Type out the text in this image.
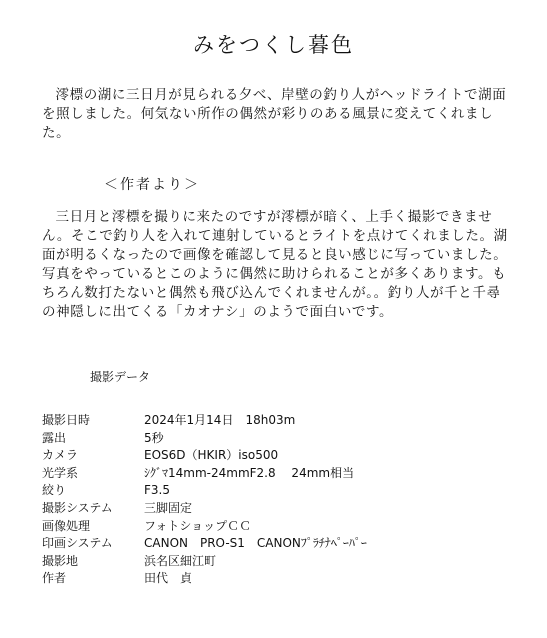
みをつくし暮色

澪標の湖に三日月が見られる夕べ、岸壁の釣り人がヘッドライトで湖面を照しました。何気ない所作の偶然が彩りのある風景に変えてくれました。

＜作者より＞

三日月と澪標を撮りに来たのですが澪標が暗く、上手く撮影できません。そこで釣り人を入れて連射しているとライトを点けてくれました。湖面が明るくなったので画像を確認して見ると良い感じに写っていました。写真をやっているとこのように偶然に助けられることが多くあります。もちろん数打たないと偶然も飛び込んでくれませんが。。釣り人が千と千尋の神隠しに出てくる「カオナシ」のようで面白いです。

撮影データ
撮影日時	2024年1月14日　18h03m
露出	5秒
カメラ	EOS6D（HKIR）iso500
光学系	ｼｸﾞﾏ14mm-24mmF2.8　 24mm相当
絞り	F3.5
撮影システム	三脚固定
画像処理	フォトショップＣＣ
印画システム	CANON　PRO-S1　CANONﾌﾟﾗﾁﾅﾍﾟｰﾊﾟｰ
撮影地	浜名区細江町
作者	田代　貞
